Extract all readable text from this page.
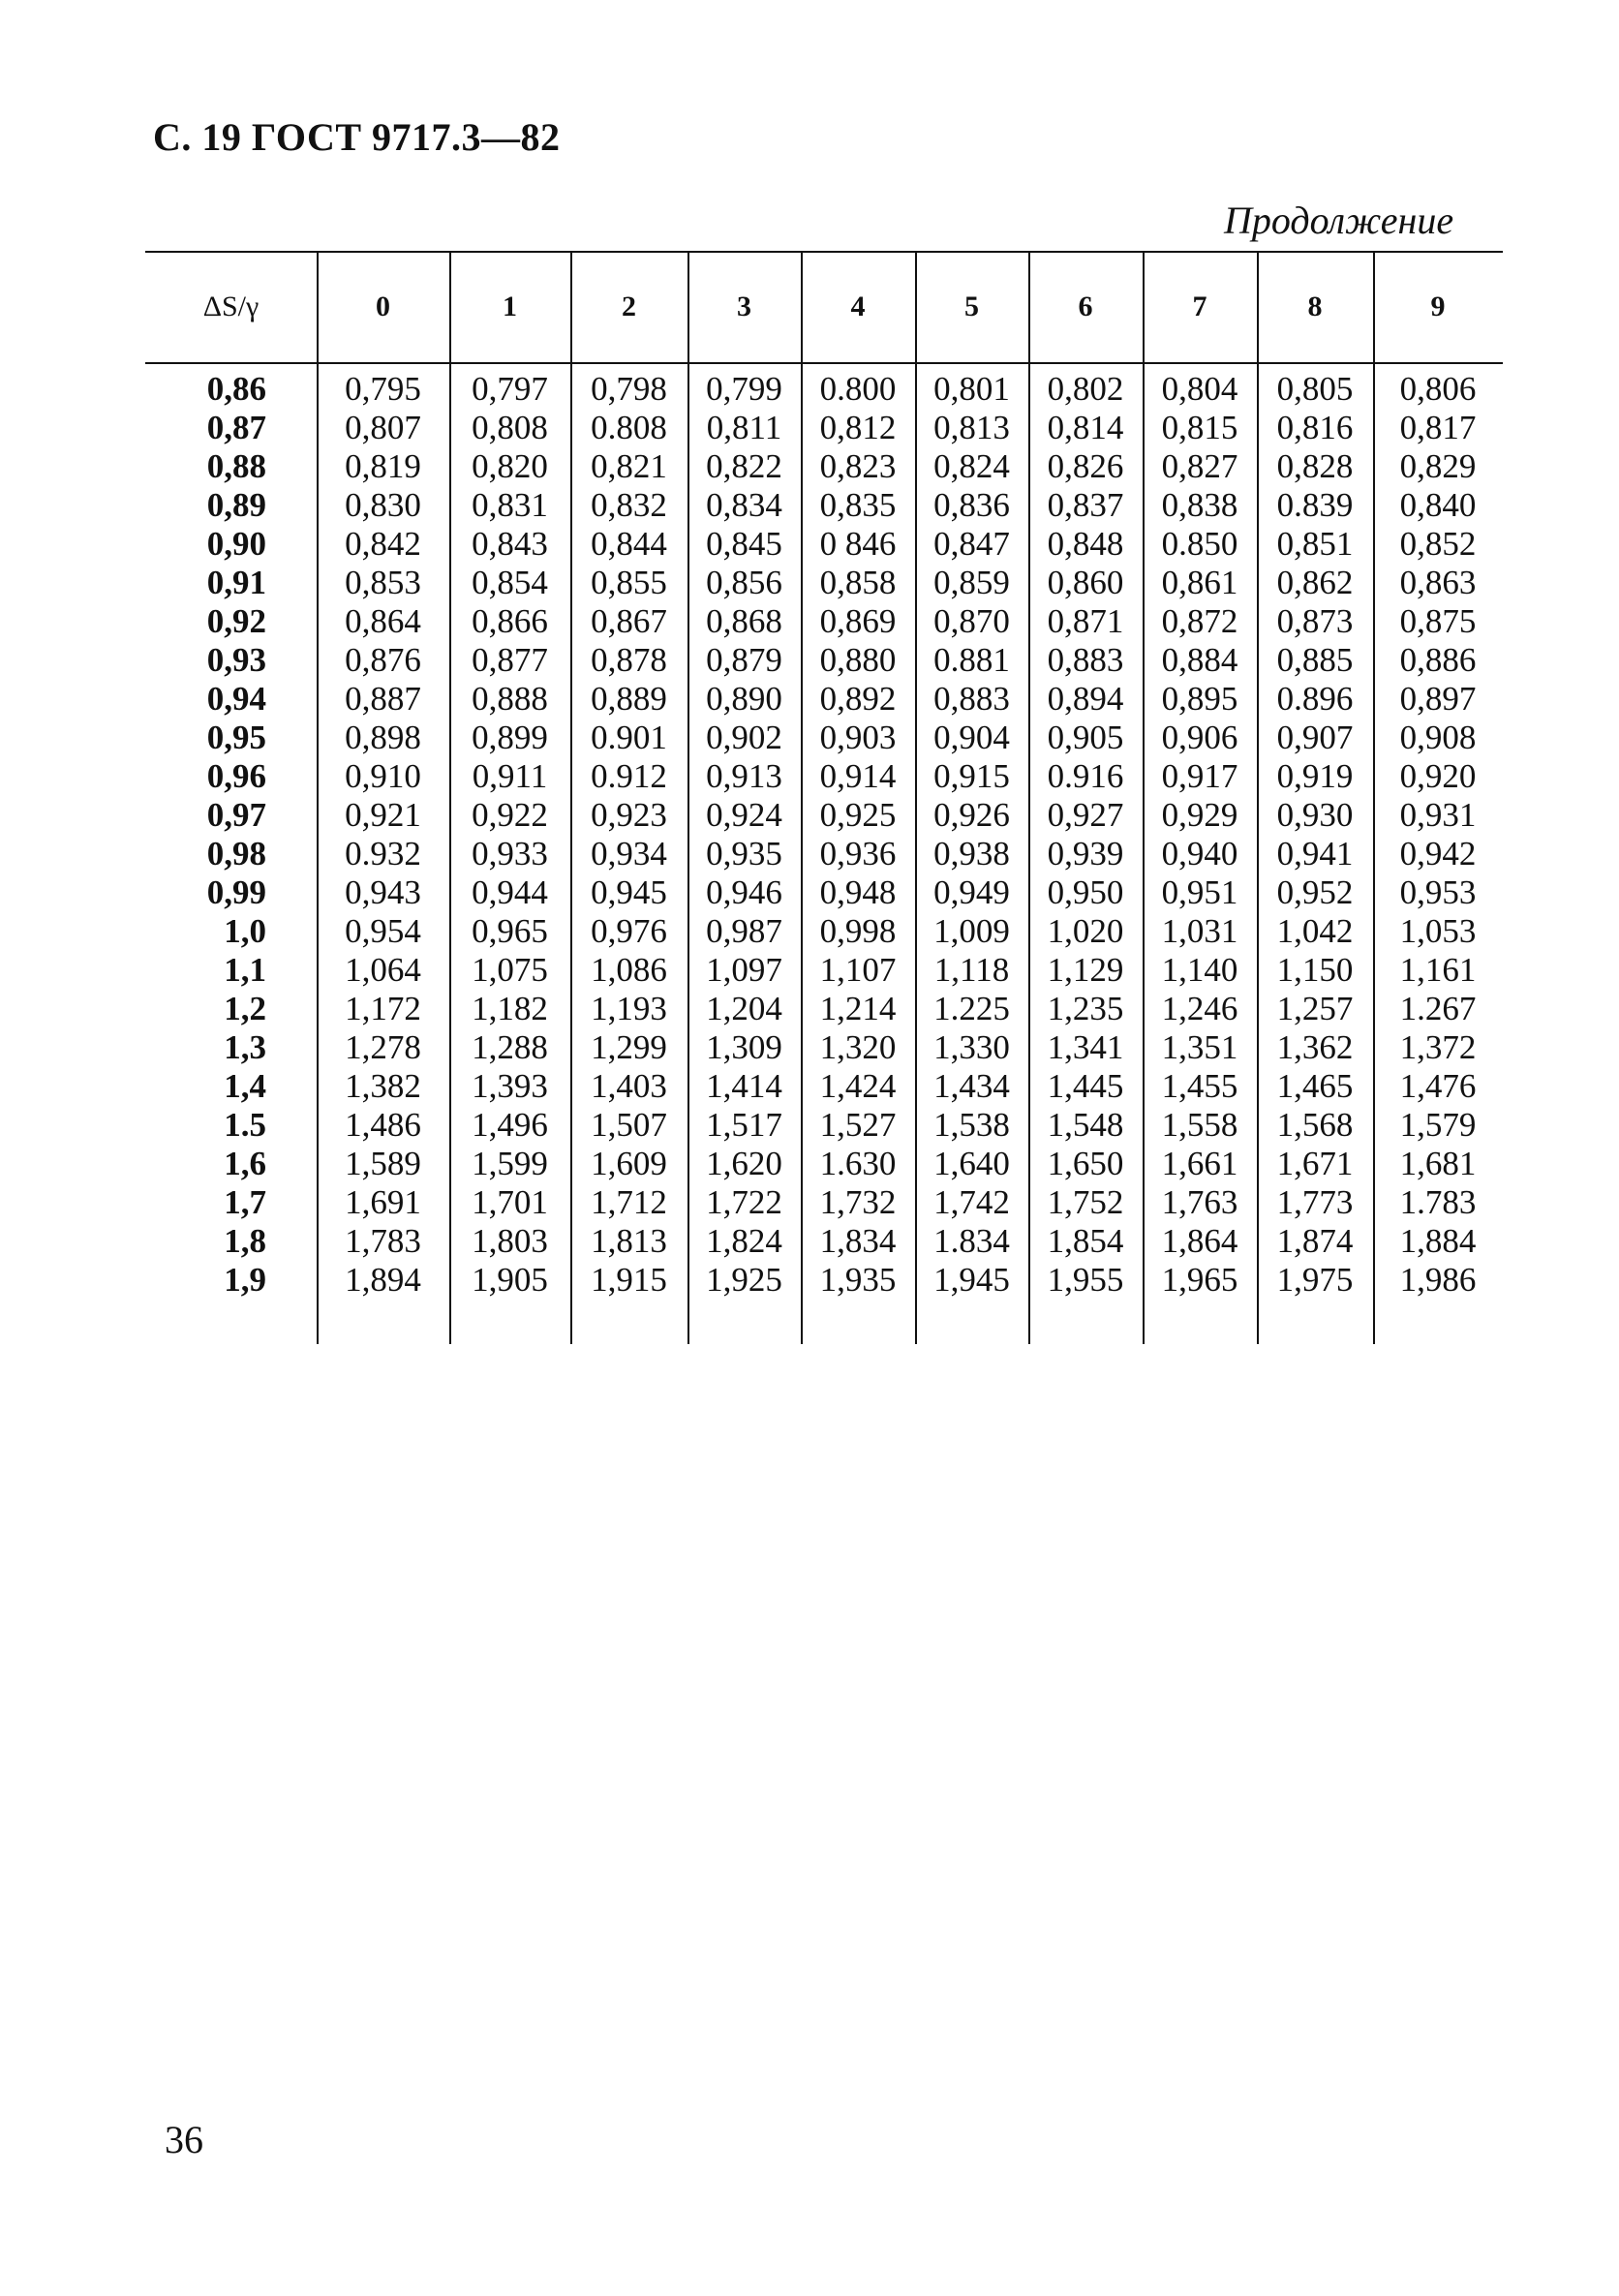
С. 19 ГОСТ 9717.3—82
Продолжение
ΔS/γ	0	1	2	3	4	5	6	7	8	9
0,86	0,795	0,797	0,798	0,799	0.800	0,801	0,802	0,804	0,805	0,806
0,87	0,807	0,808	0.808	0,811	0,812	0,813	0,814	0,815	0,816	0,817
0,88	0,819	0,820	0,821	0,822	0,823	0,824	0,826	0,827	0,828	0,829
0,89	0,830	0,831	0,832	0,834	0,835	0,836	0,837	0,838	0.839	0,840
0,90	0,842	0,843	0,844	0,845	0 846	0,847	0,848	0.850	0,851	0,852
0,91	0,853	0,854	0,855	0,856	0,858	0,859	0,860	0,861	0,862	0,863
0,92	0,864	0,866	0,867	0,868	0,869	0,870	0,871	0,872	0,873	0,875
0,93	0,876	0,877	0,878	0,879	0,880	0.881	0,883	0,884	0,885	0,886
0,94	0,887	0,888	0,889	0,890	0,892	0,883	0,894	0,895	0.896	0,897
0,95	0,898	0,899	0.901	0,902	0,903	0,904	0,905	0,906	0,907	0,908
0,96	0,910	0,911	0.912	0,913	0,914	0,915	0.916	0,917	0,919	0,920
0,97	0,921	0,922	0,923	0,924	0,925	0,926	0,927	0,929	0,930	0,931
0,98	0.932	0,933	0,934	0,935	0,936	0,938	0,939	0,940	0,941	0,942
0,99	0,943	0,944	0,945	0,946	0,948	0,949	0,950	0,951	0,952	0,953
1,0	0,954	0,965	0,976	0,987	0,998	1,009	1,020	1,031	1,042	1,053
1,1	1,064	1,075	1,086	1,097	1,107	1,118	1,129	1,140	1,150	1,161
1,2	1,172	1,182	1,193	1,204	1,214	1.225	1,235	1,246	1,257	1.267
1,3	1,278	1,288	1,299	1,309	1,320	1,330	1,341	1,351	1,362	1,372
1,4	1,382	1,393	1,403	1,414	1,424	1,434	1,445	1,455	1,465	1,476
1.5	1,486	1,496	1,507	1,517	1,527	1,538	1,548	1,558	1,568	1,579
1,6	1,589	1,599	1,609	1,620	1.630	1,640	1,650	1,661	1,671	1,681
1,7	1,691	1,701	1,712	1,722	1,732	1,742	1,752	1,763	1,773	1.783
1,8	1,783	1,803	1,813	1,824	1,834	1.834	1,854	1,864	1,874	1,884
1,9	1,894	1,905	1,915	1,925	1,935	1,945	1,955	1,965	1,975	1,986
36
